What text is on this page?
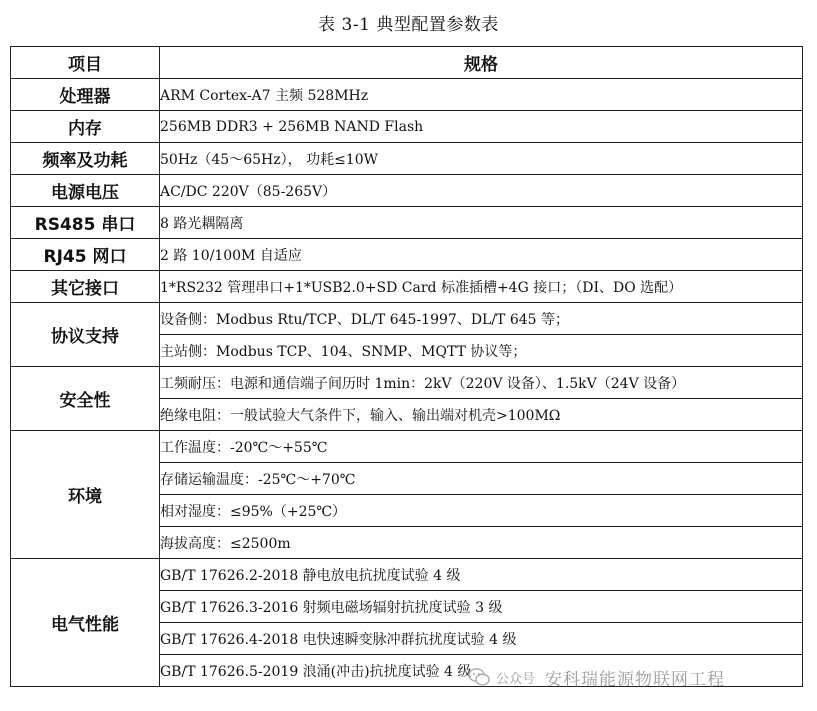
表 3-1 典型配置参数表
项目	规格
处理器	ARM Cortex-A7 主频 528MHz
内存	256MB DDR3 + 256MB NAND Flash
频率及功耗	50Hz（45～65Hz）， 功耗≤10W
电源电压	AC/DC 220V（85-265V）
RS485 串口	8 路光耦隔离
RJ45 网口	2 路 10/100M 自适应
其它接口	1*RS232 管理串口+1*USB2.0+SD Card 标准插槽+4G 接口；（DI、DO 选配）
协议支持	设备侧：Modbus Rtu/TCP、DL/T 645-1997、DL/T 645 等；
	主站侧：Modbus TCP、104、SNMP、MQTT 协议等；
安全性	工频耐压：电源和通信端子间历时 1min：2kV（220V 设备）、1.5kV（24V 设备）
	绝缘电阻：一般试验大气条件下，输入、输出端对机壳>100MΩ
环境	工作温度：-20℃～+55℃
	存储运输温度：-25℃～+70℃
	相对湿度：≤95%（+25℃）
	海拔高度：≤2500m
电气性能	GB/T 17626.2-2018 静电放电抗扰度试验 4 级
	GB/T 17626.3-2016 射频电磁场辐射抗扰度试验 3 级
	GB/T 17626.4-2018 电快速瞬变脉冲群抗扰度试验 4 级
	GB/T 17626.5-2019 浪涌(冲击)抗扰度试验 4 级 公众号 安科瑞能源物联网工程
